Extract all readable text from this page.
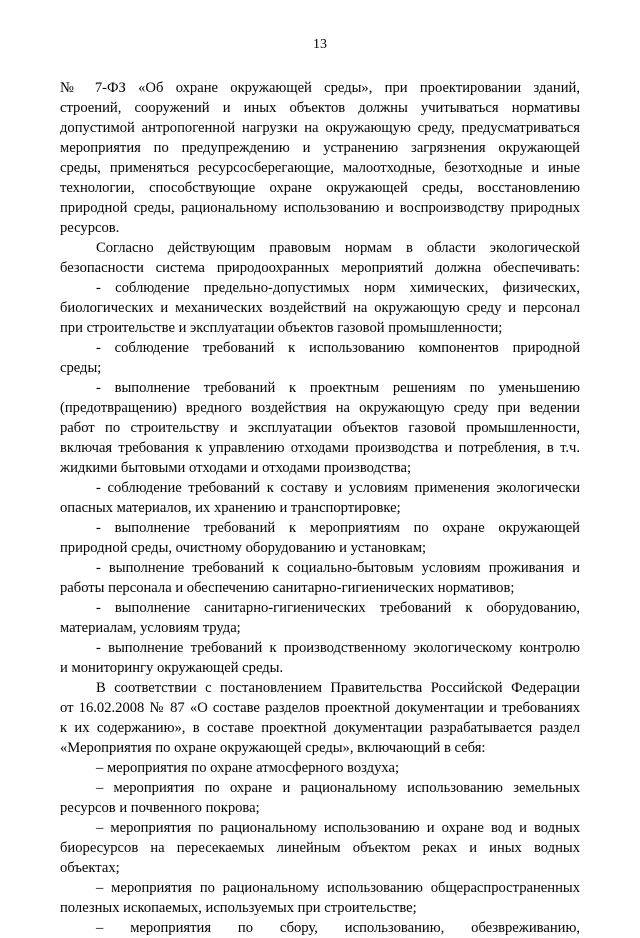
13
№ 7-ФЗ «Об охране окружающей среды», при проектировании зданий,
строений, сооружений и иных объектов должны учитываться нормативы
допустимой антропогенной нагрузки на окружающую среду, предусматриваться
мероприятия по предупреждению и устранению загрязнения окружающей
среды, применяться ресурсосберегающие, малоотходные, безотходные и иные
технологии, способствующие охране окружающей среды, восстановлению
природной среды, рациональному использованию и воспроизводству природных
ресурсов.
Согласно действующим правовым нормам в области экологической
безопасности система природоохранных мероприятий должна обеспечивать:
- соблюдение предельно-допустимых норм химических, физических,
биологических и механических воздействий на окружающую среду и персонал
при строительстве и эксплуатации объектов газовой промышленности;
- соблюдение требований к использованию компонентов природной
среды;
- выполнение требований к проектным решениям по уменьшению
(предотвращению) вредного воздействия на окружающую среду при ведении
работ по строительству и эксплуатации объектов газовой промышленности,
включая требования к управлению отходами производства и потребления, в т.ч.
жидкими бытовыми отходами и отходами производства;
- соблюдение требований к составу и условиям применения экологически
опасных материалов, их хранению и транспортировке;
- выполнение требований к мероприятиям по охране окружающей
природной среды, очистному оборудованию и установкам;
- выполнение требований к социально-бытовым условиям проживания и
работы персонала и обеспечению санитарно-гигиенических нормативов;
- выполнение санитарно-гигиенических требований к оборудованию,
материалам, условиям труда;
- выполнение требований к производственному экологическому контролю
и мониторингу окружающей среды.
В соответствии с постановлением Правительства Российской Федерации
от 16.02.2008 № 87 «О составе разделов проектной документации и требованиях
к их содержанию», в составе проектной документации разрабатывается раздел
«Мероприятия по охране окружающей среды», включающий в себя:
– мероприятия по охране атмосферного воздуха;
– мероприятия по охране и рациональному использованию земельных
ресурсов и почвенного покрова;
– мероприятия по рациональному использованию и охране вод и водных
биоресурсов на пересекаемых линейным объектом реках и иных водных
объектах;
– мероприятия по рациональному использованию общераспространенных
полезных ископаемых, используемых при строительстве;
– мероприятия по сбору, использованию, обезвреживанию,
